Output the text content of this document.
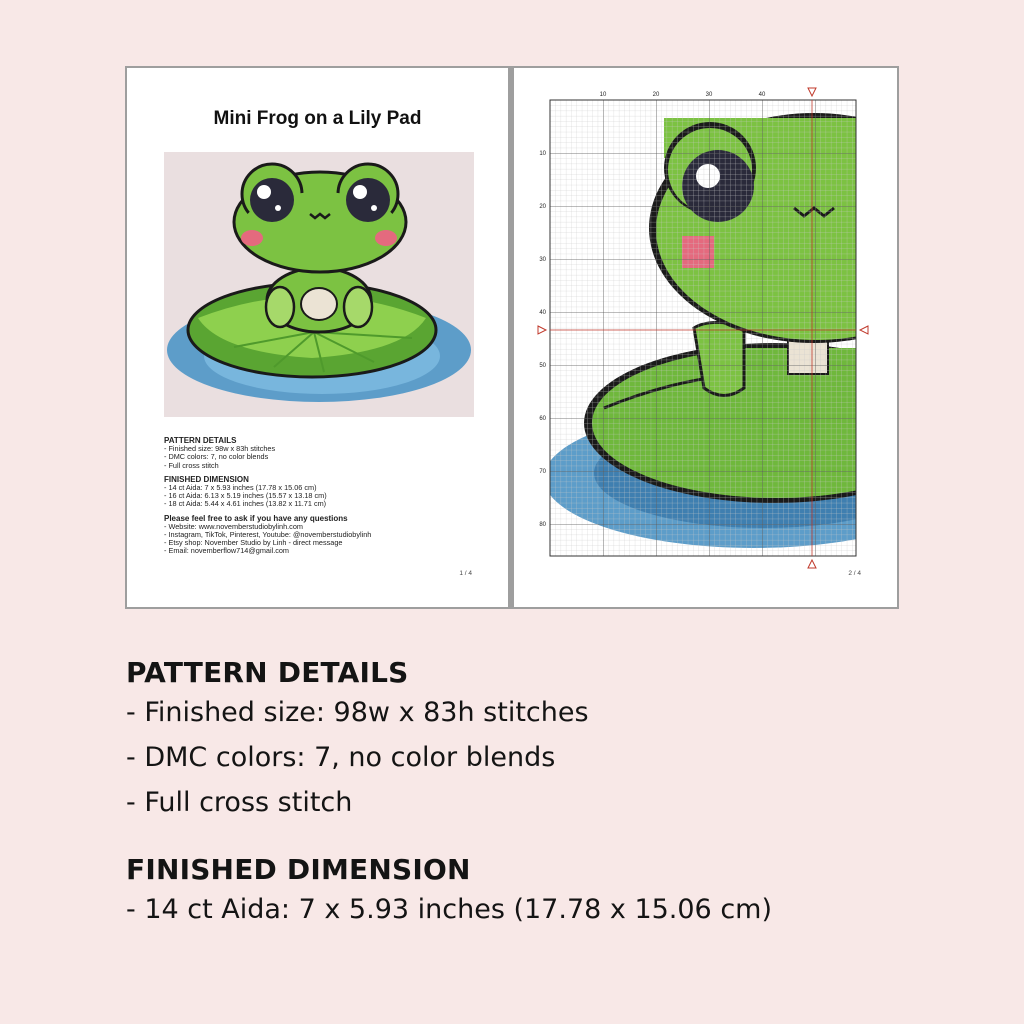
Mini Frog on a Lily Pad
PATTERN DETAILS
- Finished size: 98w x 83h stitches
- DMC colors: 7, no color blends
- Full cross stitch
FINISHED DIMENSION
- 14 ct Aida: 7 x 5.93 inches (17.78 x 15.06 cm)
- 16 ct Aida: 6.13 x 5.19 inches (15.57 x 13.18 cm)
- 18 ct Aida: 5.44 x 4.61 inches (13.82 x 11.71 cm)
Please feel free to ask if you have any questions
- Website: www.novemberstudiobylinh.com
- Instagram, TikTok, Pinterest, Youtube: @novemberstudiobylinh
- Etsy shop: November Studio by Linh - direct message
- Email: novemberflow714@gmail.com
1 / 4
10	20	30	40
10
20
30
40
50
60
70
80
2 / 4
PATTERN DETAILS
- Finished size: 98w x 83h stitches
- DMC colors: 7, no color blends
- Full cross stitch
FINISHED DIMENSION
- 14 ct Aida: 7 x 5.93 inches (17.78 x 15.06 cm)
